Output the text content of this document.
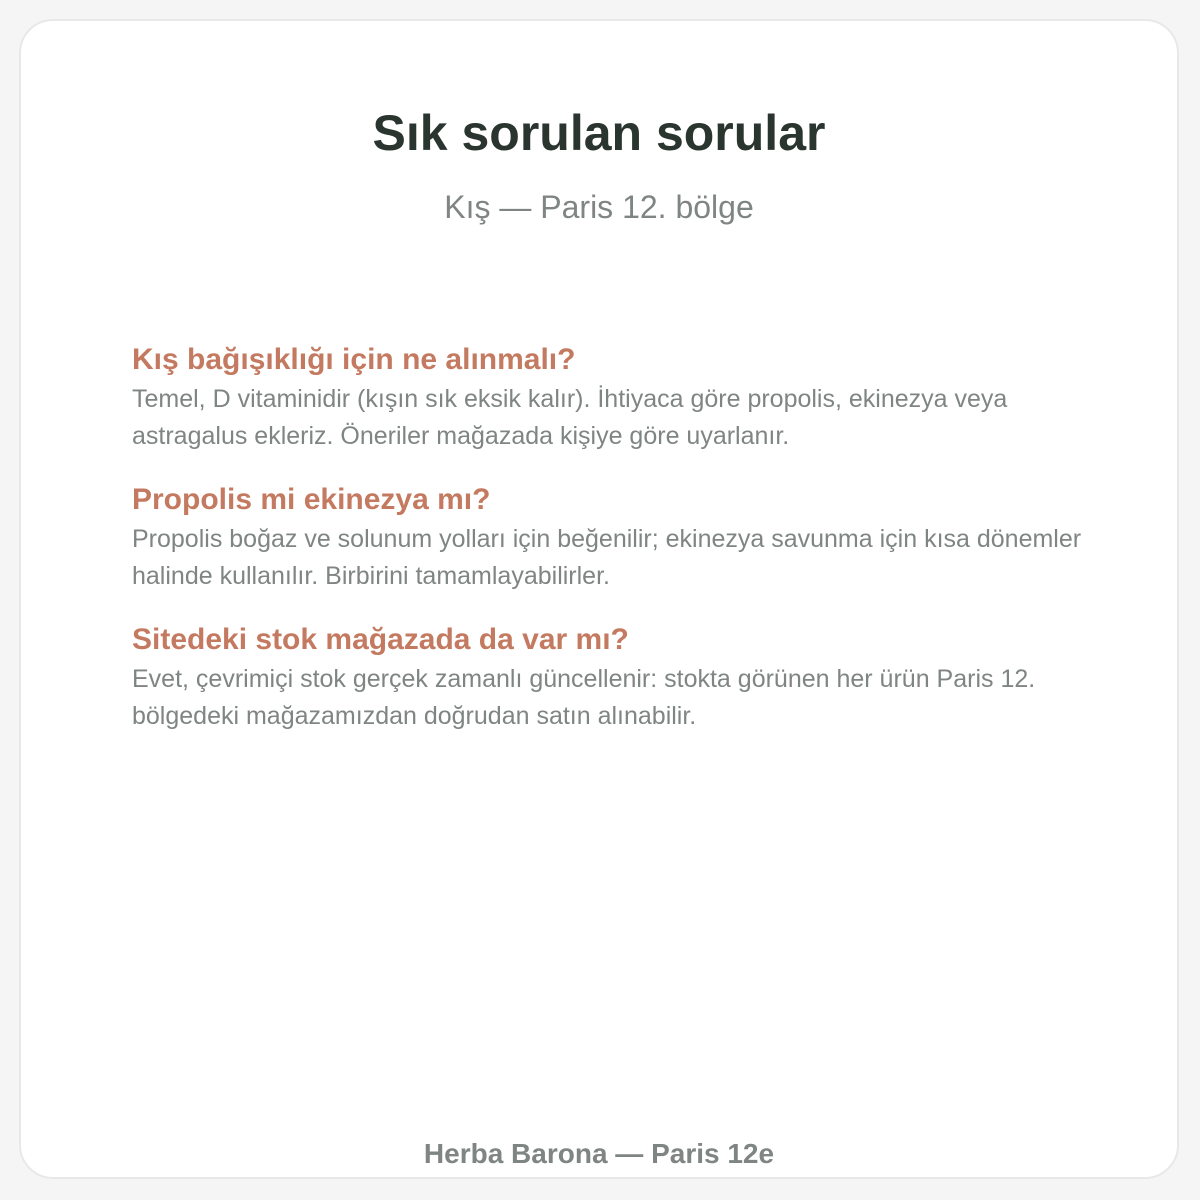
Sık sorulan sorular

Kış — Paris 12. bölge

Kış bağışıklığı için ne alınmalı?

Temel, D vitaminidir (kışın sık eksik kalır). İhtiyaca göre propolis, ekinezya veya astragalus ekleriz. Öneriler mağazada kişiye göre uyarlanır.

Propolis mi ekinezya mı?

Propolis boğaz ve solunum yolları için beğenilir; ekinezya savunma için kısa dönemler halinde kullanılır. Birbirini tamamlayabilirler.

Sitedeki stok mağazada da var mı?

Evet, çevrimiçi stok gerçek zamanlı güncellenir: stokta görünen her ürün Paris 12. bölgedeki mağazamızdan doğrudan satın alınabilir.

Herba Barona — Paris 12e
